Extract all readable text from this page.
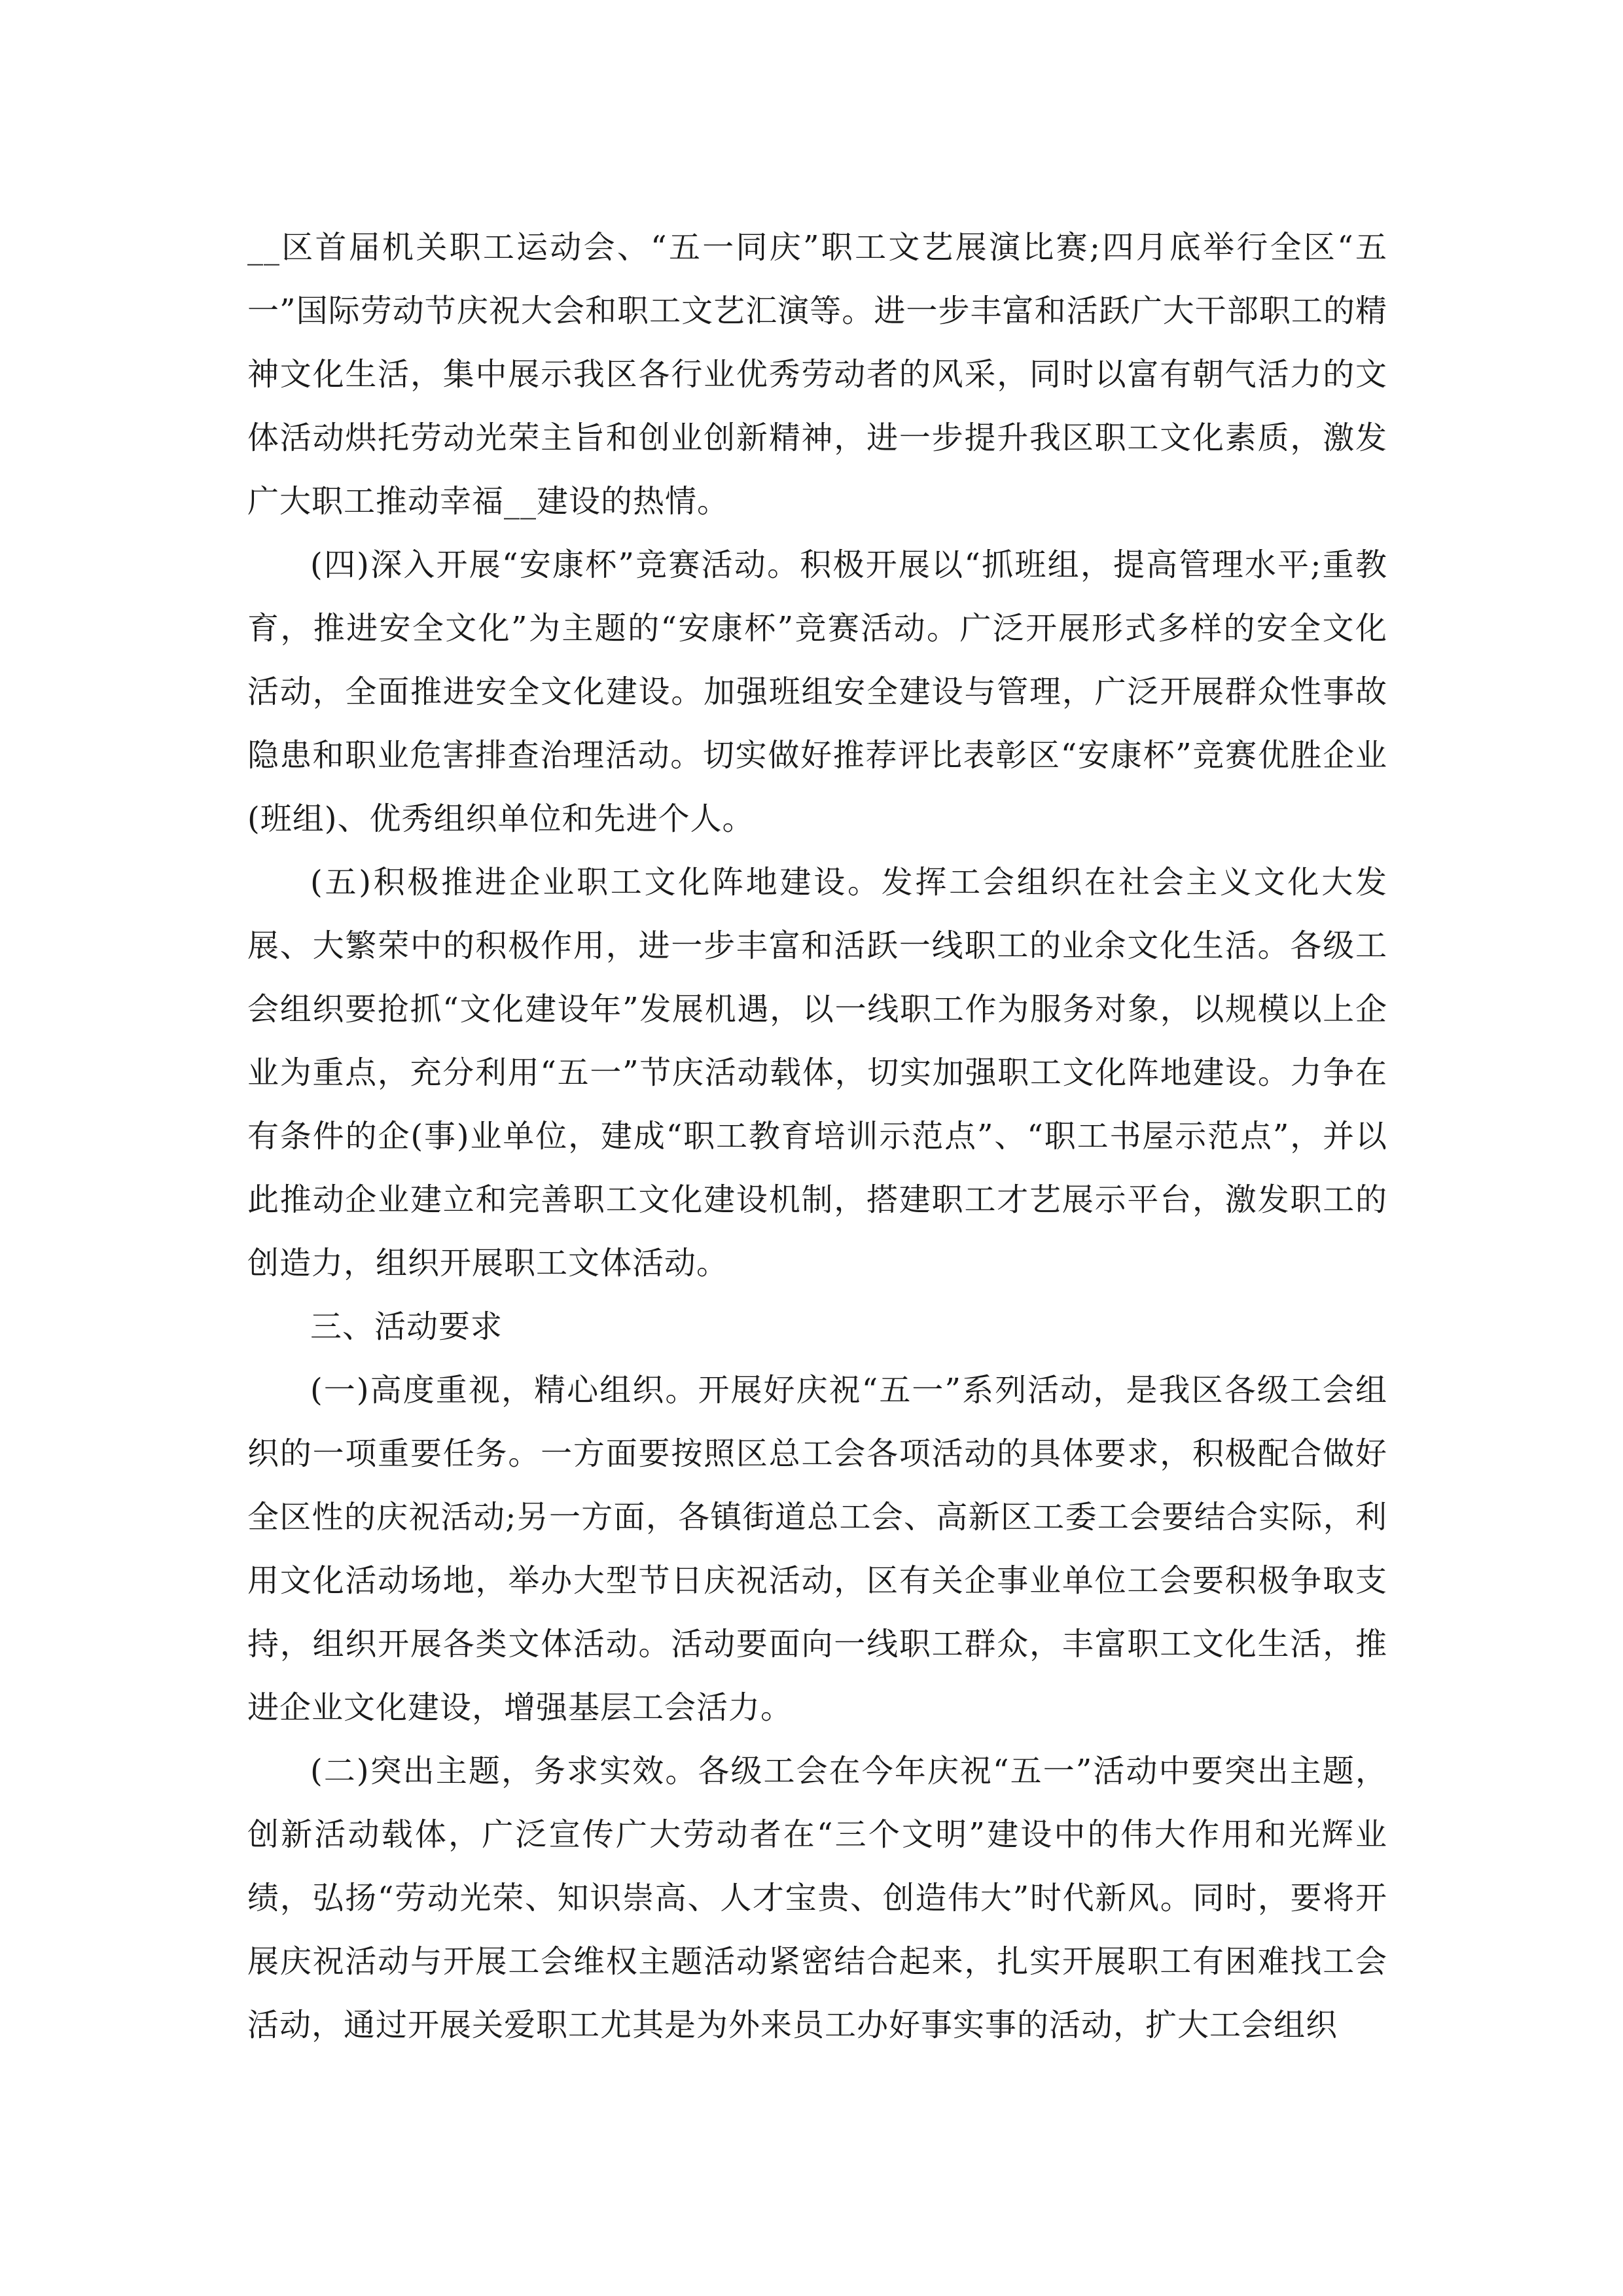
__区首届机关职工运动会、“五一同庆”职工文艺展演比赛;四月底举行全区“五一”国际劳动节庆祝大会和职工文艺汇演等。进一步丰富和活跃广大干部职工的精神文化生活，集中展示我区各行业优秀劳动者的风采，同时以富有朝气活力的文体活动烘托劳动光荣主旨和创业创新精神，进一步提升我区职工文化素质，激发广大职工推动幸福__建设的热情。

(四)深入开展“安康杯”竞赛活动。积极开展以“抓班组，提高管理水平;重教育，推进安全文化”为主题的“安康杯”竞赛活动。广泛开展形式多样的安全文化活动，全面推进安全文化建设。加强班组安全建设与管理，广泛开展群众性事故隐患和职业危害排查治理活动。切实做好推荐评比表彰区“安康杯”竞赛优胜企业(班组)、优秀组织单位和先进个人。

(五)积极推进企业职工文化阵地建设。发挥工会组织在社会主义文化大发展、大繁荣中的积极作用，进一步丰富和活跃一线职工的业余文化生活。各级工会组织要抢抓“文化建设年”发展机遇，以一线职工作为服务对象，以规模以上企业为重点，充分利用“五一”节庆活动载体，切实加强职工文化阵地建设。力争在有条件的企(事)业单位，建成“职工教育培训示范点”、“职工书屋示范点”，并以此推动企业建立和完善职工文化建设机制，搭建职工才艺展示平台，激发职工的创造力，组织开展职工文体活动。

三、活动要求

(一)高度重视，精心组织。开展好庆祝“五一”系列活动，是我区各级工会组织的一项重要任务。一方面要按照区总工会各项活动的具体要求，积极配合做好全区性的庆祝活动;另一方面，各镇街道总工会、高新区工委工会要结合实际，利用文化活动场地，举办大型节日庆祝活动，区有关企事业单位工会要积极争取支持，组织开展各类文体活动。活动要面向一线职工群众，丰富职工文化生活，推进企业文化建设，增强基层工会活力。

(二)突出主题，务求实效。各级工会在今年庆祝“五一”活动中要突出主题，创新活动载体，广泛宣传广大劳动者在“三个文明”建设中的伟大作用和光辉业绩，弘扬“劳动光荣、知识崇高、人才宝贵、创造伟大”时代新风。同时，要将开展庆祝活动与开展工会维权主题活动紧密结合起来，扎实开展职工有困难找工会活动，通过开展关爱职工尤其是为外来员工办好事实事的活动，扩大工会组织
